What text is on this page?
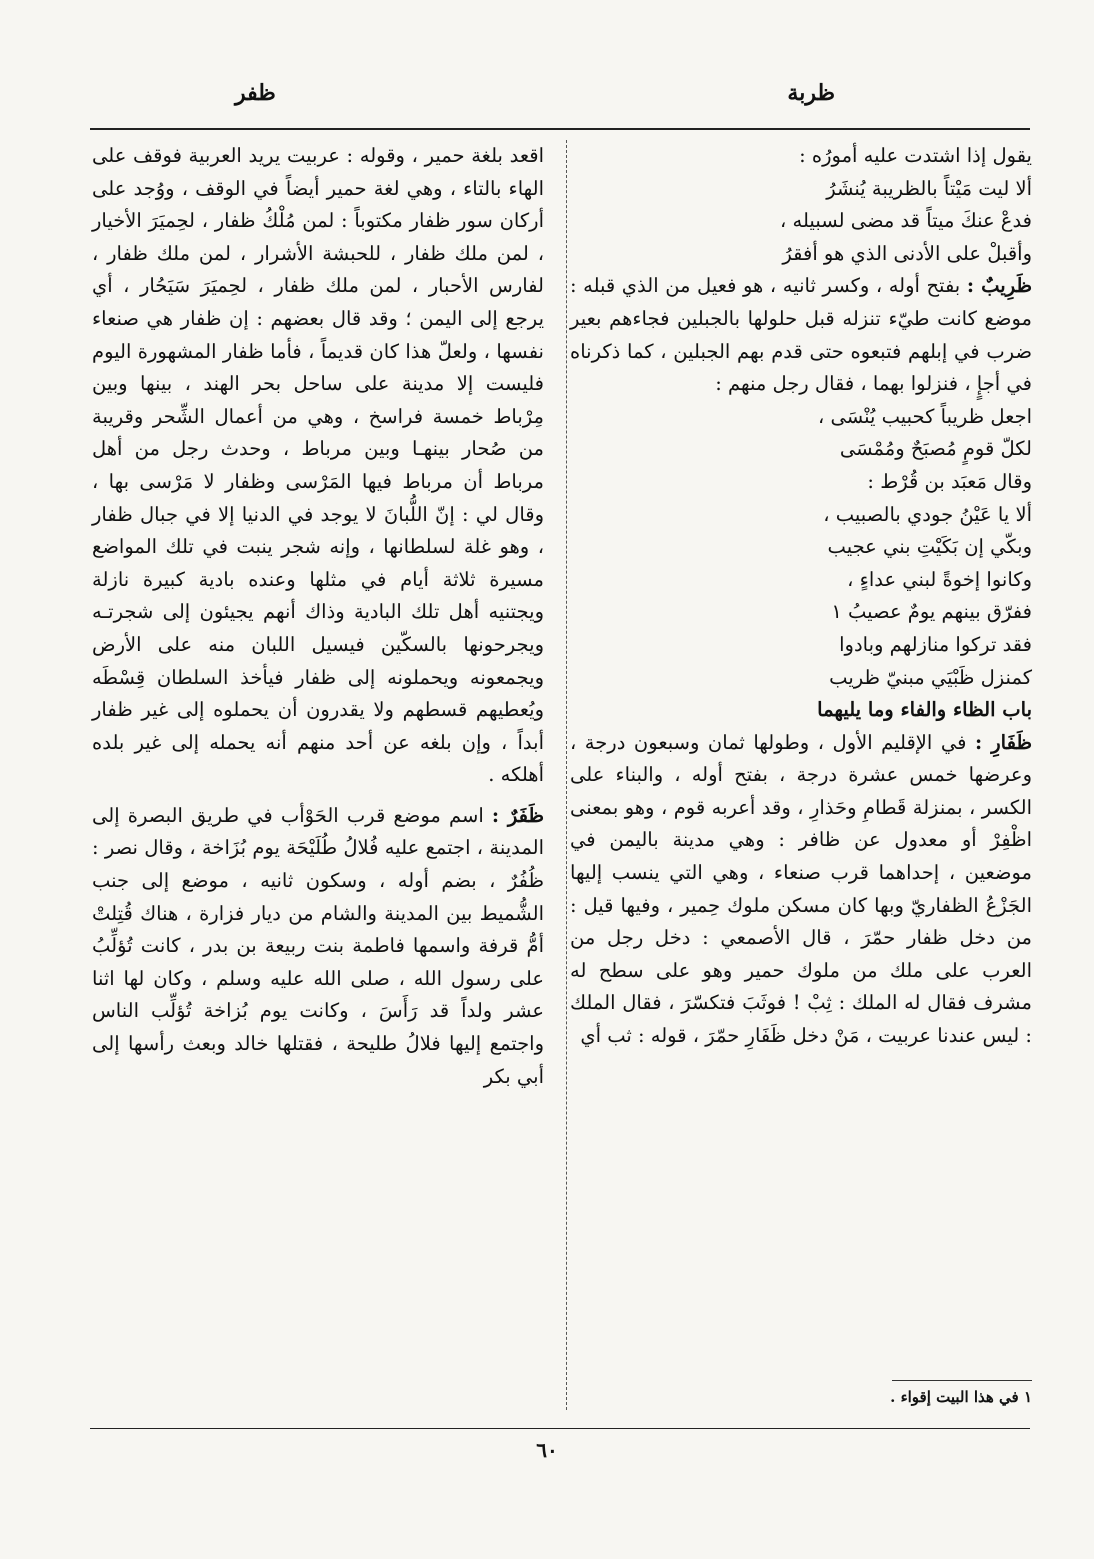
ظربة
ظفر

يقول إذا اشتدت عليه أمورُه :

ألا ليت مَيْتاً بالظريبة يُنشَرُ

فدعْ عنكَ ميتاً قد مضى لسبيله ،

وأقبلْ على الأدنى الذي هو أفقرُ

ظَرِيبٌ : بفتح أوله ، وكسر ثانيه ، هو فعيل من الذي قبله : موضع كانت طيّء تنزله قبل حلولها بالجبلين فجاءهم بعير ضرب في إبلهم فتبعوه حتى قدم بهم الجبلين ، كما ذكرناه في أجإٍ ، فنزلوا بهما ، فقال رجل منهم :

اجعل ظريباً كحبيب يُنْسَى ،

لكلّ قومٍ مُصبَحٌ ومُمْسَى

وقال مَعبَد بن قُرْط :

ألا يا عَيْنُ جودي بالصبيب ،

وبكّي إن بَكَيْتِ بني عجيب

وكانوا إخوةً لبني عداءٍ ،

ففرّق بينهم يومٌ عصيبُ ١

فقد تركوا منازلهم وبادوا

كمنزل ظَبْيَي مبنيّ ظريب

باب الظاء والفاء وما يليهما

ظَفَارِ : في الإقليم الأول ، وطولها ثمان وسبعون درجة ، وعرضها خمس عشرة درجة ، بفتح أوله ، والبناء على الكسر ، بمنزلة قَطامِ وحَذارِ ، وقد أعربه قوم ، وهو بمعنى اظْفِرْ أو معدول عن ظافر : وهي مدينة باليمن في موضعين ، إحداهما قرب صنعاء ، وهي التي ينسب إليها الجَزْعُ الظفاريّ وبها كان مسكن ملوك حِمير ، وفيها قيل : من دخل ظفار حمّرَ ، قال الأصمعي : دخل رجل من العرب على ملك من ملوك حمير وهو على سطح له مشرف فقال له الملك : ثِبْ ! فوثَبَ فتكسّرَ ، فقال الملك : ليس عندنا عربيت ، مَنْ دخل ظَفَارِ حمّرَ ، قوله : ثب أي

اقعد بلغة حمير ، وقوله : عربيت يريد العربية فوقف على الهاء بالتاء ، وهي لغة حمير أيضاً في الوقف ، ووُجد على أركان سور ظفار مكتوباً : لمن مُلْكُ ظفار ، لحِميَرَ الأخيار ، لمن ملك ظفار ، للحبشة الأشرار ، لمن ملك ظفار ، لفارس الأحبار ، لمن ملك ظفار ، لحِميَرَ سَيَحُار ، أي يرجع إلى اليمن ؛ وقد قال بعضهم : إن ظفار هي صنعاء نفسها ، ولعلّ هذا كان قديماً ، فأما ظفار المشهورة اليوم فليست إلا مدينة على ساحل بحر الهند ، بينها وبين مِرْباط خمسة فراسخ ، وهي من أعمال الشِّحر وقريبة من صُحار بينهـا وبين مرباط ، وحدث رجل من أهل مرباط أن مرباط فيها المَرْسى وظفار لا مَرْسى بها ، وقال لي : إنّ اللُّبانَ لا يوجد في الدنيا إلا في جبال ظفار ، وهو غلة لسلطانها ، وإنه شجر ينبت في تلك المواضع مسيرة ثلاثة أيام في مثلها وعنده بادية كبيرة نازلة ويجتنيه أهل تلك البادية وذاك أنهم يجيئون إلى شجرتـه ويجرحونها بالسكّين فيسيل اللبان منه على الأرض ويجمعونه ويحملونه إلى ظفار فيأخذ السلطان قِسْطَه ويُعطيهم قسطهم ولا يقدرون أن يحملوه إلى غير ظفار أبداً ، وإن بلغه عن أحد منهم أنه يحمله إلى غير بلده أهلكه .

ظَفَرٌ : اسم موضع قرب الحَوْأب في طريق البصرة إلى المدينة ، اجتمع عليه فُلالُ طُلَيْحَة يوم بُزَاخة ، وقال نصر : ظُفُرٌ ، بضم أوله ، وسكون ثانيه ، موضع إلى جنب الشُّميط بين المدينة والشام من ديار فزارة ، هناك قُتِلتْ أمُّ قرفة واسمها فاطمة بنت ربيعة بن بدر ، كانت تُؤلِّبُ على رسول الله ، صلى الله عليه وسلم ، وكان لها اثنا عشر ولداً قد رَأَسَ ، وكانت يوم بُزاخة تُؤلِّب الناس واجتمع إليها فلالُ طليحة ، فقتلها خالد وبعث رأسها إلى أبي بكر

١ في هذا البيت إقواء .
٦٠
